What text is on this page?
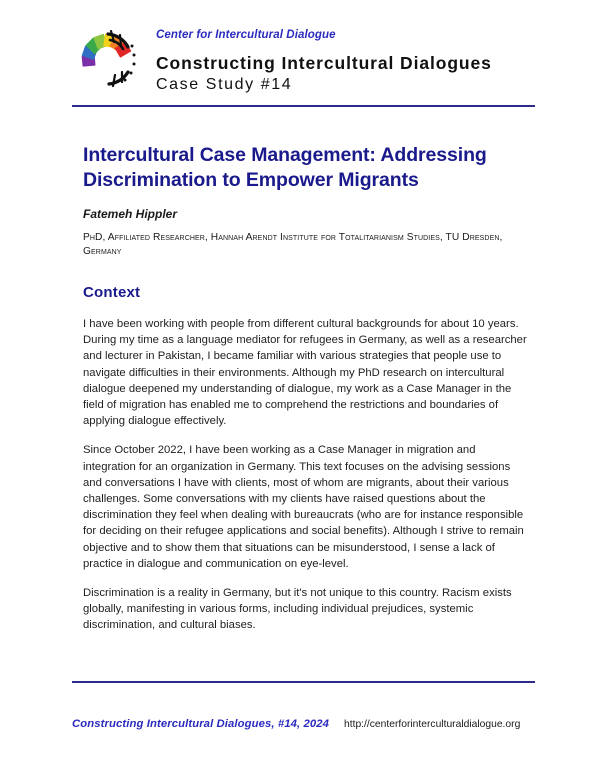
Center for Intercultural Dialogue
Constructing Intercultural Dialogues
Case Study #14
Intercultural Case Management: Addressing Discrimination to Empower Migrants
Fatemeh Hippler
PhD, Affiliated Researcher, Hannah Arendt Institute for Totalitarianism Studies, TU Dresden, Germany
Context

I have been working with people from different cultural backgrounds for about 10 years. During my time as a language mediator for refugees in Germany, as well as a researcher and lecturer in Pakistan, I became familiar with various strategies that people use to navigate difficulties in their environments. Although my PhD research on intercultural dialogue deepened my understanding of dialogue, my work as a Case Manager in the field of migration has enabled me to comprehend the restrictions and boundaries of applying dialogue effectively.

Since October 2022, I have been working as a Case Manager in migration and integration for an organization in Germany. This text focuses on the advising sessions and conversations I have with clients, most of whom are migrants, about their various challenges. Some conversations with my clients have raised questions about the discrimination they feel when dealing with bureaucrats (who are for instance responsible for deciding on their refugee applications and social benefits). Although I strive to remain objective and to show them that situations can be misunderstood, I sense a lack of practice in dialogue and communication on eye-level.

Discrimination is a reality in Germany, but it's not unique to this country. Racism exists globally, manifesting in various forms, including individual prejudices, systemic discrimination, and cultural biases.

Constructing Intercultural Dialogues, #14, 2024 http://centerforinterculturaldialogue.org
